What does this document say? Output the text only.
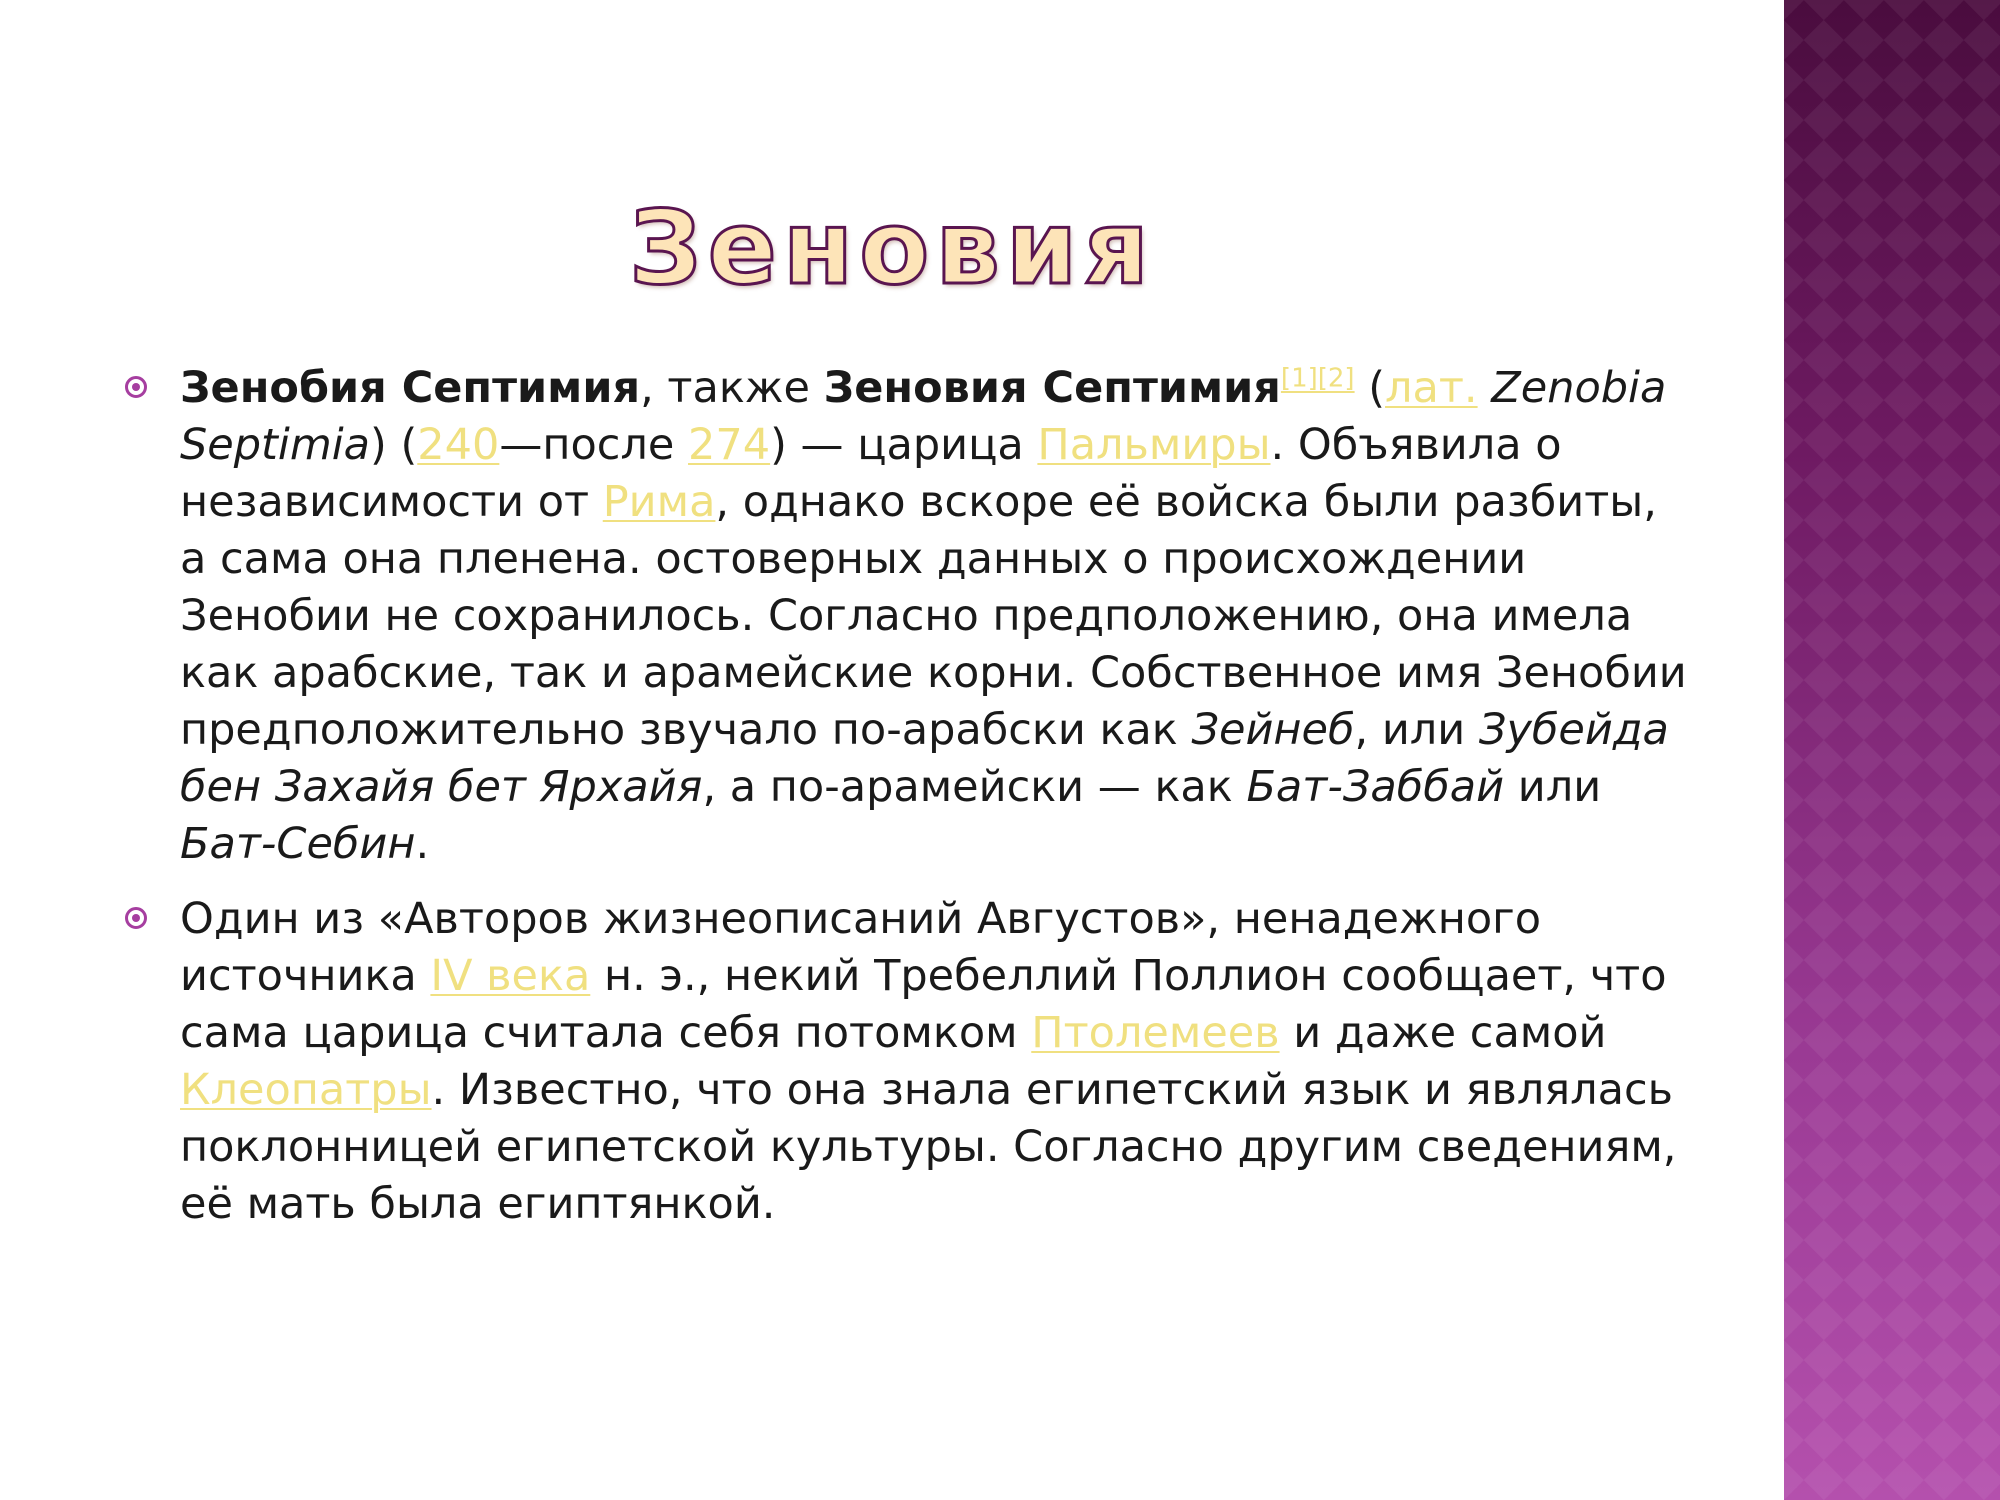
Зеновия

Зенобия Септимия, также Зеновия Септимия[1][2] (лат. Zenobia Septimia) (240—после 274) — царица Пальмиры. Объявила о независимости от Рима, однако вскоре её войска были разбиты, а сама она пленена. остоверных данных о происхождении Зенобии не сохранилось. Согласно предположению, она имела как арабские, так и арамейские корни. Собственное имя Зенобии предположительно звучало по-арабски как Зейнеб, или Зубейда бен Захайя бет Ярхайя, а по-арамейски — как Бат-Заббай или Бат-Себин.

Один из «Авторов жизнеописаний Августов», ненадежного источника IV века н. э., некий Требеллий Поллион сообщает, что сама царица считала себя потомком Птолемеев и даже самой Клеопатры. Известно, что она знала египетский язык и являлась поклонницей египетской культуры. Согласно другим сведениям, её мать была египтянкой.
